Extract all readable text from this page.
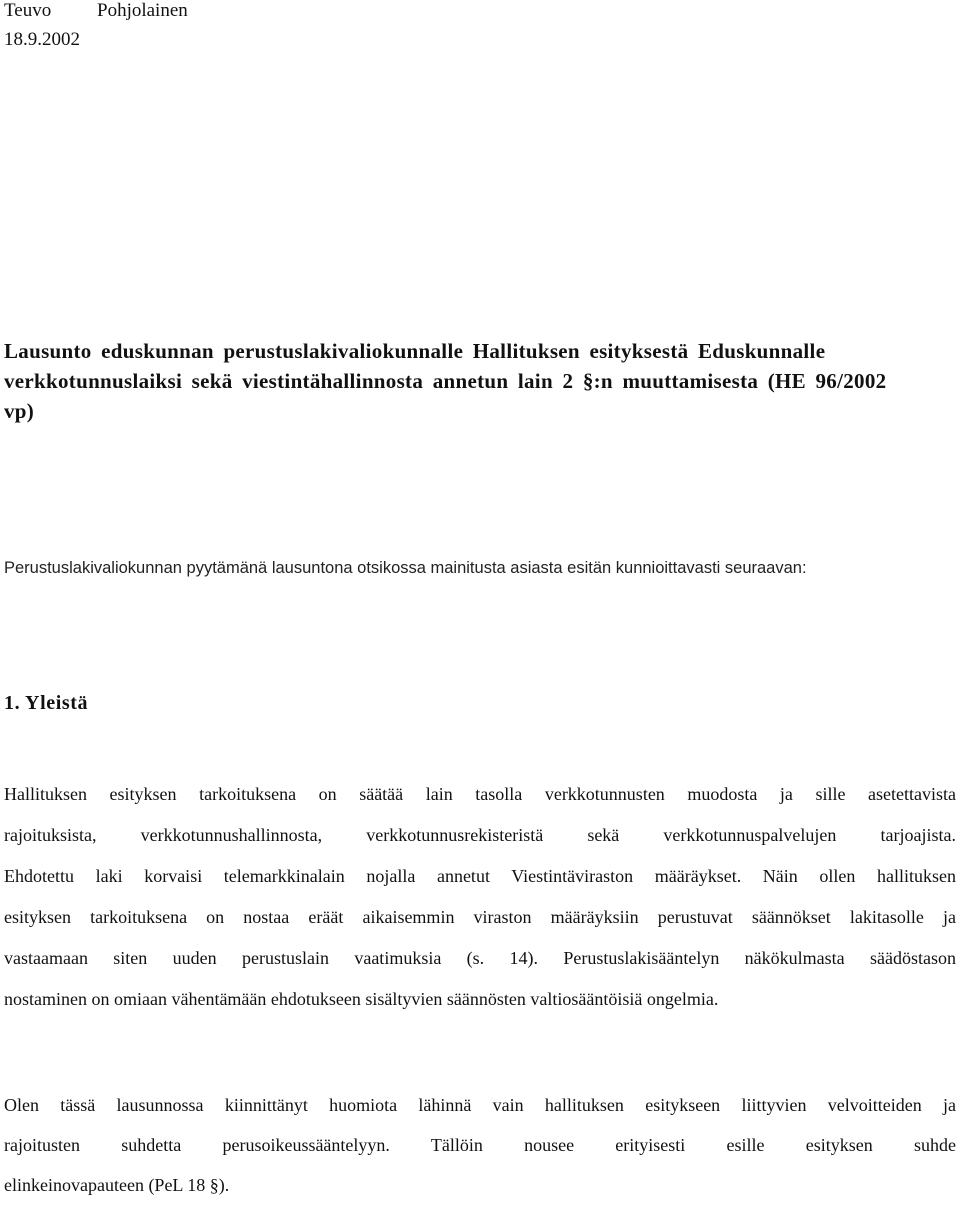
Teuvo Pohjolainen
18.9.2002
Lausunto eduskunnan perustuslakivaliokunnalle Hallituksen esityksestä Eduskunnalle
verkkotunnuslaiksi sekä viestintähallinnosta annetun lain 2 §:n muuttamisesta (HE 96/2002
vp)
Perustuslakivaliokunnan pyytämänä lausuntona otsikossa mainitusta asiasta esitän kunnioittavasti seuraavan:
1. Yleistä
Hallituksen esityksen tarkoituksena on säätää lain tasolla verkkotunnusten muodosta ja sille asetettavista
rajoituksista, verkkotunnushallinnosta, verkkotunnusrekisteristä sekä verkkotunnuspalvelujen tarjoajista.
Ehdotettu laki korvaisi telemarkkinalain nojalla annetut Viestintäviraston määräykset. Näin ollen hallituksen
esityksen tarkoituksena on nostaa eräät aikaisemmin viraston määräyksiin perustuvat säännökset lakitasolle ja
vastaamaan siten uuden perustuslain vaatimuksia (s. 14). Perustuslakisääntelyn näkökulmasta säädöstason
nostaminen on omiaan vähentämään ehdotukseen sisältyvien säännösten valtiosääntöisiä ongelmia.
Olen tässä lausunnossa kiinnittänyt huomiota lähinnä vain hallituksen esitykseen liittyvien velvoitteiden ja
rajoitusten suhdetta perusoikeussääntelyyn. Tällöin nousee erityisesti esille esityksen suhde
elinkeinovapauteen (PeL 18 §).
